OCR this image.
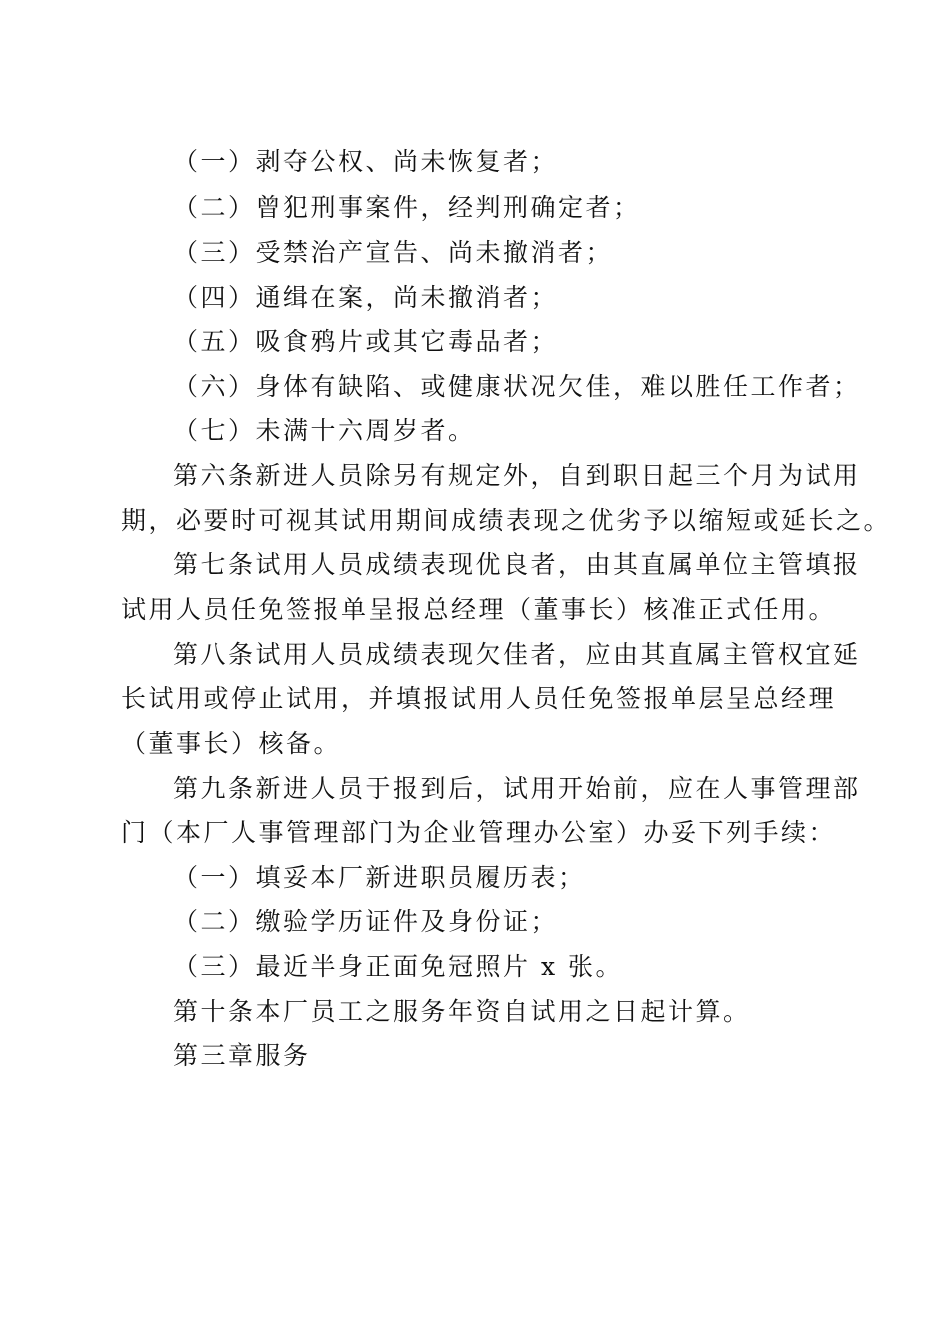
（一）剥夺公权、尚未恢复者；

（二）曾犯刑事案件，经判刑确定者；

（三）受禁治产宣告、尚未撤消者；

（四）通缉在案，尚未撤消者；

（五）吸食鸦片或其它毒品者；

（六）身体有缺陷、或健康状况欠佳，难以胜任工作者；

（七）未满十六周岁者。

第六条新进人员除另有规定外，自到职日起三个月为试用

期，必要时可视其试用期间成绩表现之优劣予以缩短或延长之。

第七条试用人员成绩表现优良者，由其直属单位主管填报

试用人员任免签报单呈报总经理（董事长）核准正式任用。

第八条试用人员成绩表现欠佳者，应由其直属主管权宜延

长试用或停止试用，并填报试用人员任免签报单层呈总经理

（董事长）核备。

第九条新进人员于报到后，试用开始前，应在人事管理部

门（本厂人事管理部门为企业管理办公室）办妥下列手续：

（一）填妥本厂新进职员履历表；

（二）缴验学历证件及身份证；

（三）最近半身正面免冠照片 x 张。

第十条本厂员工之服务年资自试用之日起计算。

第三章服务
